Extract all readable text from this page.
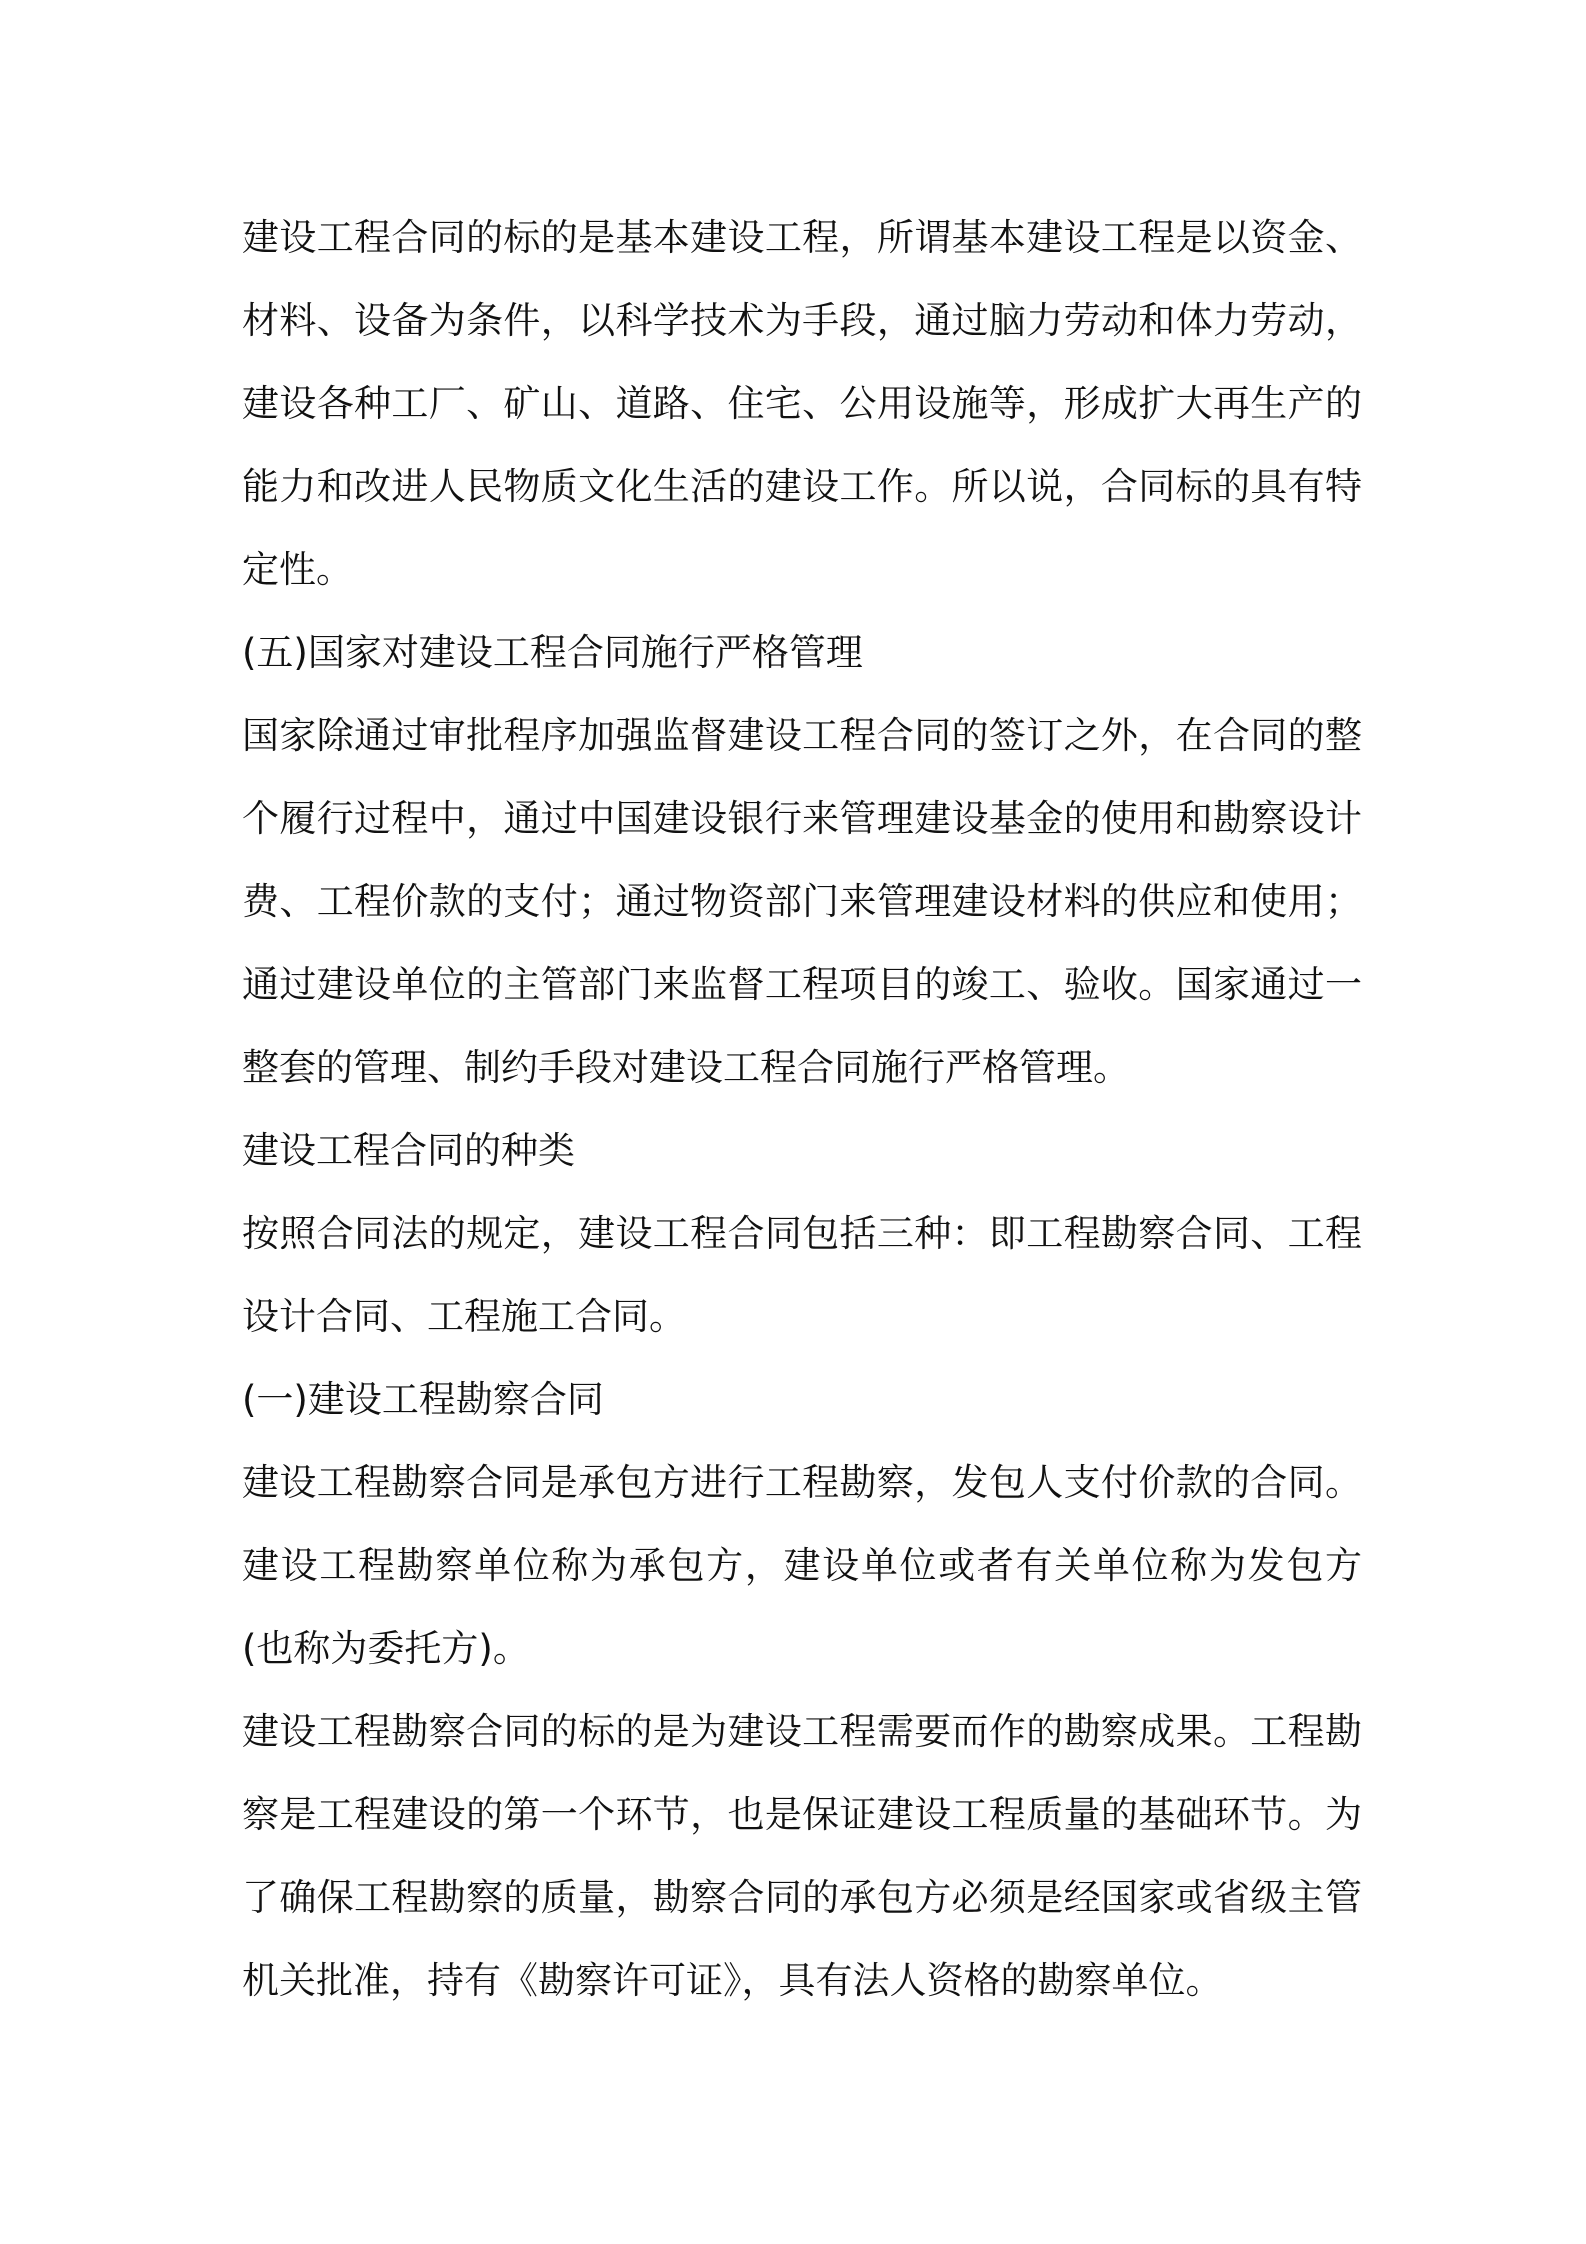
建设工程合同的标的是基本建设工程，所谓基本建设工程是以资金、
材料、设备为条件，以科学技术为手段，通过脑力劳动和体力劳动，
建设各种工厂、矿山、道路、住宅、公用设施等，形成扩大再生产的
能力和改进人民物质文化生活的建设工作。所以说，合同标的具有特
定性。
(五)国家对建设工程合同施行严格管理
国家除通过审批程序加强监督建设工程合同的签订之外，在合同的整
个履行过程中，通过中国建设银行来管理建设基金的使用和勘察设计
费、工程价款的支付；通过物资部门来管理建设材料的供应和使用；
通过建设单位的主管部门来监督工程项目的竣工、验收。国家通过一
整套的管理、制约手段对建设工程合同施行严格管理。
建设工程合同的种类
按照合同法的规定，建设工程合同包括三种：即工程勘察合同、工程
设计合同、工程施工合同。
(一)建设工程勘察合同
建设工程勘察合同是承包方进行工程勘察，发包人支付价款的合同。
建设工程勘察单位称为承包方，建设单位或者有关单位称为发包方
(也称为委托方)。
建设工程勘察合同的标的是为建设工程需要而作的勘察成果。工程勘
察是工程建设的第一个环节，也是保证建设工程质量的基础环节。为
了确保工程勘察的质量，勘察合同的承包方必须是经国家或省级主管
机关批准，持有《勘察许可证》，具有法人资格的勘察单位。
